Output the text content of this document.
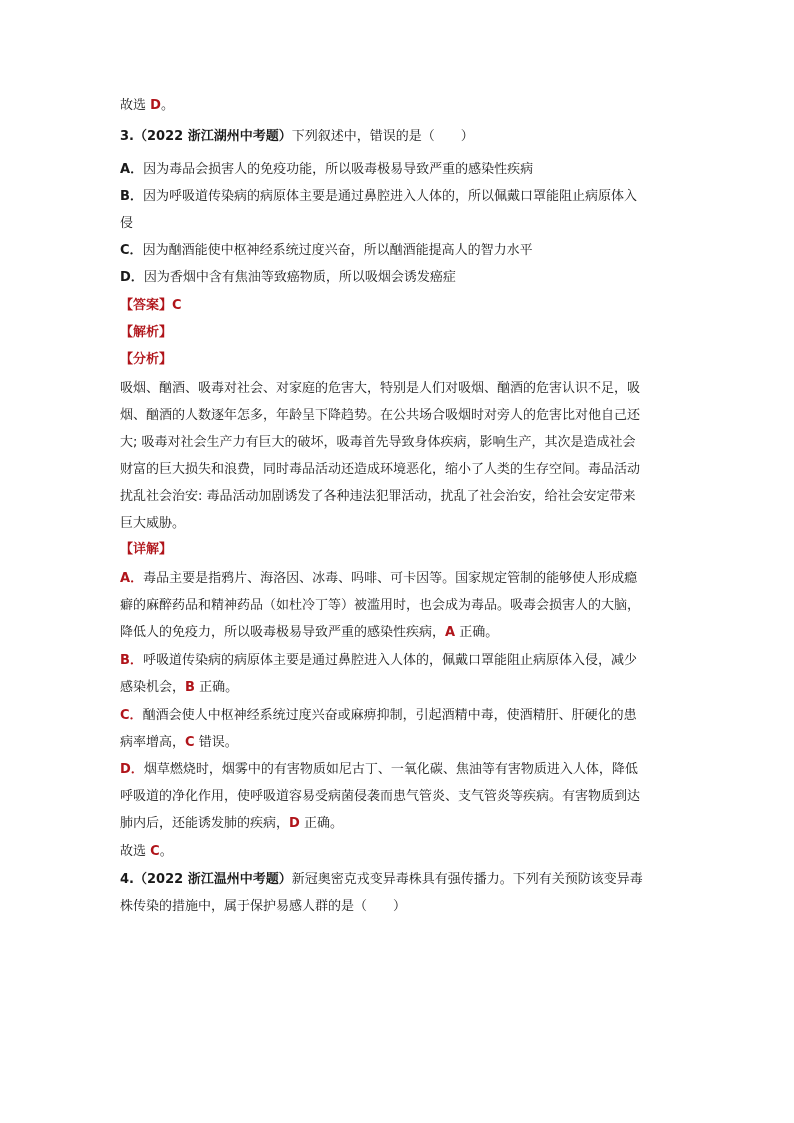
故选 D。
3.（2022 浙江湖州中考题）下列叙述中，错误的是（　　）
A．因为毒品会损害人的免疫功能，所以吸毒极易导致严重的感染性疾病
B．因为呼吸道传染病的病原体主要是通过鼻腔进入人体的，所以佩戴口罩能阻止病原体入
侵
C．因为酗酒能使中枢神经系统过度兴奋，所以酗酒能提高人的智力水平
D．因为香烟中含有焦油等致癌物质，所以吸烟会诱发癌症
【答案】C
【解析】
【分析】
吸烟、酗酒、吸毒对社会、对家庭的危害大，特别是人们对吸烟、酗酒的危害认识不足，吸
烟、酗酒的人数逐年怎多，年龄呈下降趋势。在公共场合吸烟时对旁人的危害比对他自己还
大; 吸毒对社会生产力有巨大的破坏，吸毒首先导致身体疾病，影响生产，其次是造成社会
财富的巨大损失和浪费，同时毒品活动还造成环境恶化，缩小了人类的生存空间。毒品活动
扰乱社会治安: 毒品活动加剧诱发了各种违法犯罪活动，扰乱了社会治安，给社会安定带来
巨大威胁。
【详解】
A．毒品主要是指鸦片、海洛因、冰毒、吗啡、可卡因等。国家规定管制的能够使人形成瘾
癖的麻醉药品和精神药品（如杜冷丁等）被滥用时，也会成为毒品。吸毒会损害人的大脑，
降低人的免疫力，所以吸毒极易导致严重的感染性疾病，A 正确。
B．呼吸道传染病的病原体主要是通过鼻腔进入人体的，佩戴口罩能阻止病原体入侵，减少
感染机会，B 正确。
C．酗酒会使人中枢神经系统过度兴奋或麻痹抑制，引起酒精中毒，使酒精肝、肝硬化的患
病率增高，C 错误。
D．烟草燃烧时，烟雾中的有害物质如尼古丁、一氧化碳、焦油等有害物质进入人体，降低
呼吸道的净化作用，使呼吸道容易受病菌侵袭而患气管炎、支气管炎等疾病。有害物质到达
肺内后，还能诱发肺的疾病，D 正确。
故选 C。
4.（2022 浙江温州中考题）新冠奥密克戎变异毒株具有强传播力。下列有关预防该变异毒
株传染的措施中，属于保护易感人群的是（　　）
